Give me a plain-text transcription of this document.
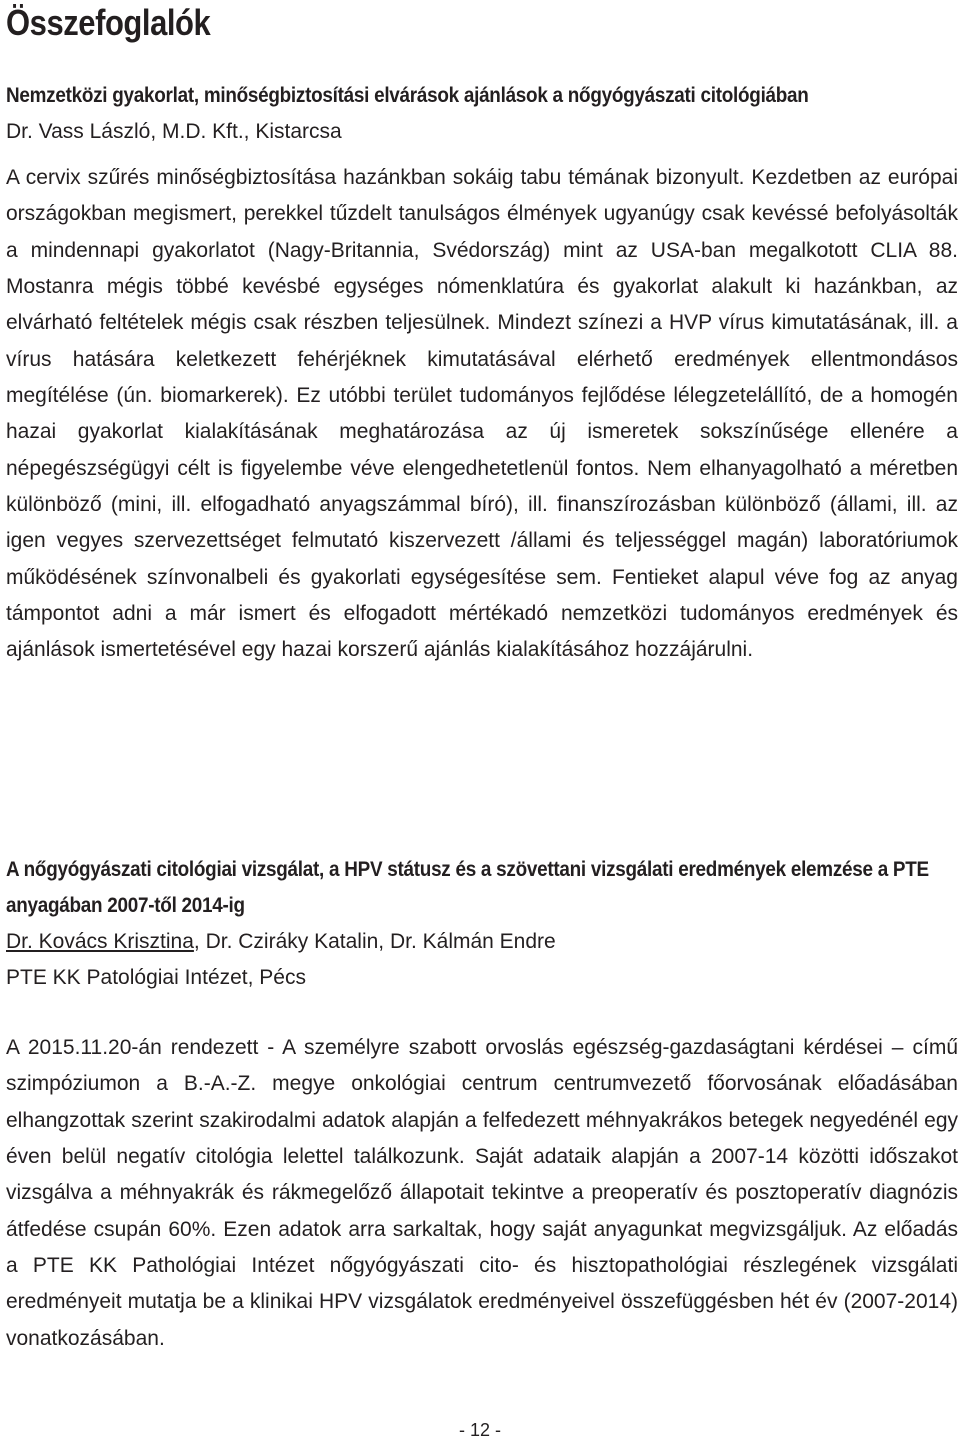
Összefoglalók
Nemzetközi gyakorlat, minőségbiztosítási elvárások ajánlások a nőgyógyászati citológiában

Dr. Vass László, M.D. Kft., Kistarcsa

A cervix szűrés minőségbiztosítása hazánkban sokáig tabu témának bizonyult. Kezdetben az európai országokban megismert, perekkel tűzdelt tanulságos élmények ugyanúgy csak kevéssé befolyásolták a mindennapi gyakorlatot (Nagy-Britannia, Svédország) mint az USA-ban megalkotott CLIA 88. Mostanra mégis többé kevésbé egységes nómenklatúra és gyakorlat alakult ki hazánkban, az elvárható feltételek mégis csak részben teljesülnek. Mindezt színezi a HVP vírus kimutatásának, ill. a vírus hatására keletkezett fehérjéknek kimutatásával elérhető eredmények ellentmondásos megítélése (ún. biomarkerek). Ez utóbbi terület tudományos fejlődése lélegzetelállító, de a homogén hazai gyakorlat kialakításának meghatározása az új ismeretek sokszínűsége ellenére a népegészségügyi célt is figyelembe véve elengedhetetlenül fontos. Nem elhanyagolható a méretben különböző (mini, ill. elfogadható anyagszámmal bíró), ill. finanszírozásban különböző (állami, ill. az igen vegyes szervezettséget felmutató kiszervezett /állami és teljességgel magán) laboratóriumok működésének színvonalbeli és gyakorlati egységesítése sem. Fentieket alapul véve fog az anyag támpontot adni a már ismert és elfogadott mértékadó nemzetközi tudományos eredmények és ajánlások ismertetésével egy hazai korszerű ajánlás kialakításához hozzájárulni.

A nőgyógyászati citológiai vizsgálat, a HPV státusz és a szövettani vizsgálati eredmények elemzése a PTE anyagában 2007-től 2014-ig

Dr. Kovács Krisztina, Dr. Cziráky Katalin, Dr. Kálmán Endre

PTE KK Patológiai Intézet, Pécs

A 2015.11.20-án rendezett - A személyre szabott orvoslás egészség-gazdaságtani kérdései – című szimpóziumon a B.-A.-Z. megye onkológiai centrum centrumvezető főorvosának előadásában elhangzottak szerint szakirodalmi adatok alapján a felfedezett méhnyakrákos betegek negyedénél egy éven belül negatív citológia lelettel találkozunk. Saját adataik alapján a 2007-14 közötti időszakot vizsgálva a méhnyakrák és rákmegelőző állapotait tekintve a preoperatív és posztoperatív diagnózis átfedése csupán 60%. Ezen adatok arra sarkaltak, hogy saját anyagunkat megvizsgáljuk. Az előadás a PTE KK Pathológiai Intézet nőgyógyászati cito- és hisztopathológiai részlegének vizsgálati eredményeit mutatja be a klinikai HPV vizsgálatok eredményeivel összefüggésben hét év (2007-2014) vonatkozásában.

- 12 -
